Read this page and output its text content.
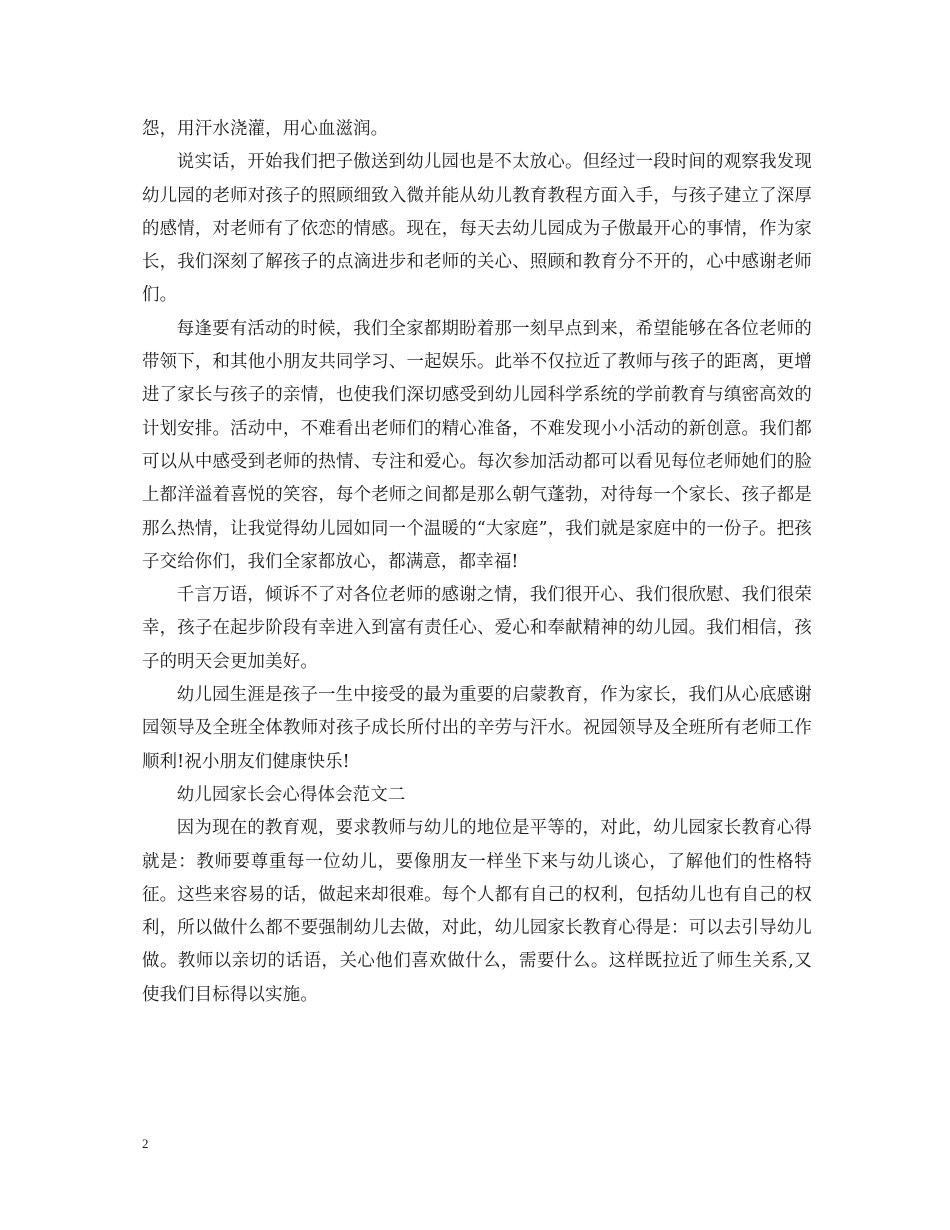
怨，用汗水浇灌，用心血滋润。

说实话，开始我们把子傲送到幼儿园也是不太放心。但经过一段时间的观察我发现幼儿园的老师对孩子的照顾细致入微并能从幼儿教育教程方面入手，与孩子建立了深厚的感情，对老师有了依恋的情感。现在，每天去幼儿园成为子傲最开心的事情，作为家长，我们深刻了解孩子的点滴进步和老师的关心、照顾和教育分不开的，心中感谢老师们。

每逢要有活动的时候，我们全家都期盼着那一刻早点到来，希望能够在各位老师的带领下，和其他小朋友共同学习、一起娱乐。此举不仅拉近了教师与孩子的距离，更增进了家长与孩子的亲情，也使我们深切感受到幼儿园科学系统的学前教育与缜密高效的计划安排。活动中，不难看出老师们的精心准备，不难发现小小活动的新创意。我们都可以从中感受到老师的热情、专注和爱心。每次参加活动都可以看见每位老师她们的脸上都洋溢着喜悦的笑容，每个老师之间都是那么朝气蓬勃，对待每一个家长、孩子都是那么热情，让我觉得幼儿园如同一个温暖的“大家庭”，我们就是家庭中的一份子。把孩子交给你们，我们全家都放心，都满意，都幸福!

千言万语，倾诉不了对各位老师的感谢之情，我们很开心、我们很欣慰、我们很荣幸，孩子在起步阶段有幸进入到富有责任心、爱心和奉献精神的幼儿园。我们相信，孩子的明天会更加美好。

幼儿园生涯是孩子一生中接受的最为重要的启蒙教育，作为家长，我们从心底感谢园领导及全班全体教师对孩子成长所付出的辛劳与汗水。祝园领导及全班所有老师工作顺利!祝小朋友们健康快乐!

幼儿园家长会心得体会范文二

因为现在的教育观，要求教师与幼儿的地位是平等的，对此，幼儿园家长教育心得就是：教师要尊重每一位幼儿，要像朋友一样坐下来与幼儿谈心，了解他们的性格特征。这些来容易的话，做起来却很难。每个人都有自己的权利，包括幼儿也有自己的权利，所以做什么都不要强制幼儿去做，对此，幼儿园家长教育心得是：可以去引导幼儿做。教师以亲切的话语，关心他们喜欢做什么，需要什么。这样既拉近了师生关系,又使我们目标得以实施。

2
